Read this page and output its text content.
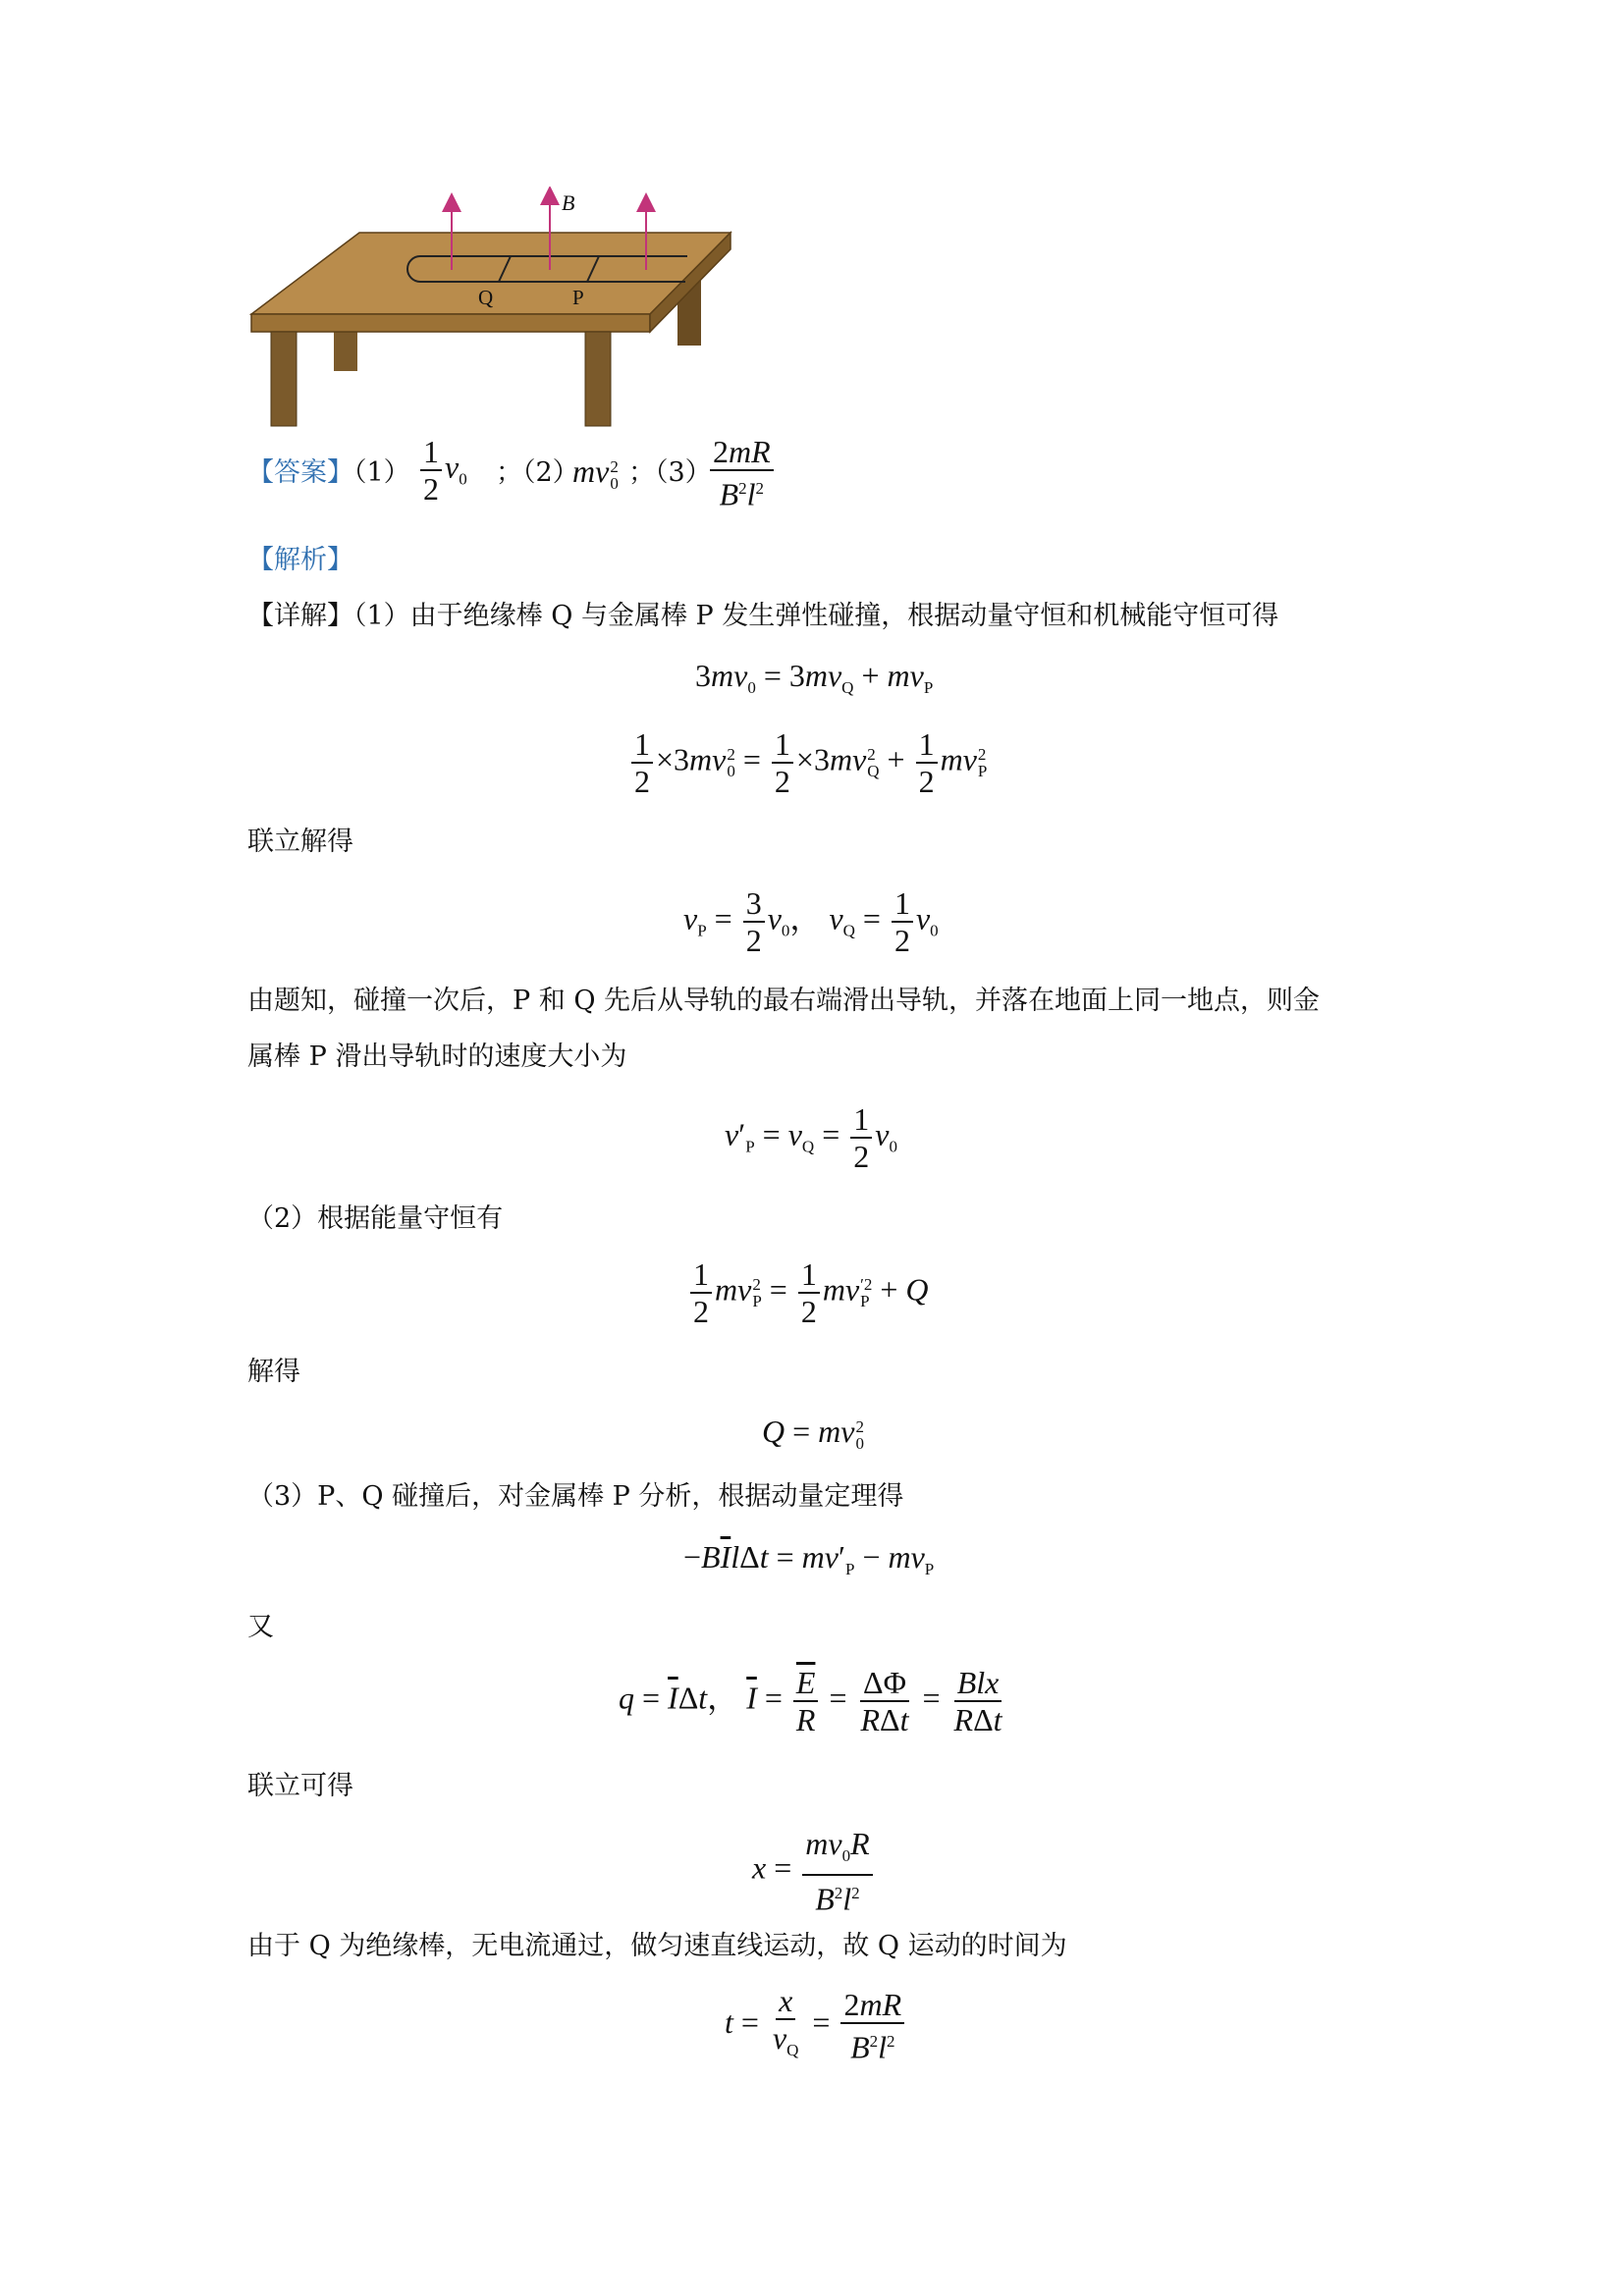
B
Q	P
【答案】$(1) \frac{1}{2} v_0$ ；（2）
mv 2
0 ；（3）
$\frac{2mR}{B^2l^2}$
【解析】
【详解】（1）由于绝缘棒 Q 与金属棒 P 发生弹性碰撞，根据动量守恒和机械能守恒可得
$3mv_0 = 3mv_Q + mv_P$
$\frac{1}{2} \times 3mv$ 2
$0 = \frac{1}{2} \times 3mv$ 2
$Q + \frac{1}{2}$ mv 2
P
联立解得
$v_P = \frac{3}{2} v_0$， $v_Q = \frac{1}{2} v_0$
由题知，碰撞一次后，P 和 Q 先后从导轨的最右端滑出导轨，并落在地面上同一地点，则金
属棒 P 滑出导轨时的速度大小为
$v'_P = v_Q = \frac{1}{2} v_0$
（2）根据能量守恒有
$\frac{1}{2}$ mv 2
$P = \frac{1}{2}$ mv ′2
P + Q
解得
Q = mv 2
0
（3）P、Q 碰撞后，对金属棒 P 分析，根据动量定理得
$-B\overline{I}l\Delta t = mv'_P - mv_P$
又
$q = \overline{I}\Delta t$， $\overline{I} = \frac{\overline{E}}{R} = \frac{\Delta\Phi}{\text{RΔt}} = \frac{\text{Blx}}{\text{RΔt}}$
联立可得
$x = \frac{mv_0R}{B^2l^2}$
由于 Q 为绝缘棒，无电流通过，做匀速直线运动，故 Q 运动的时间为
$t = \frac{x}{v_Q} = \frac{2mR}{B^2l^2}$
